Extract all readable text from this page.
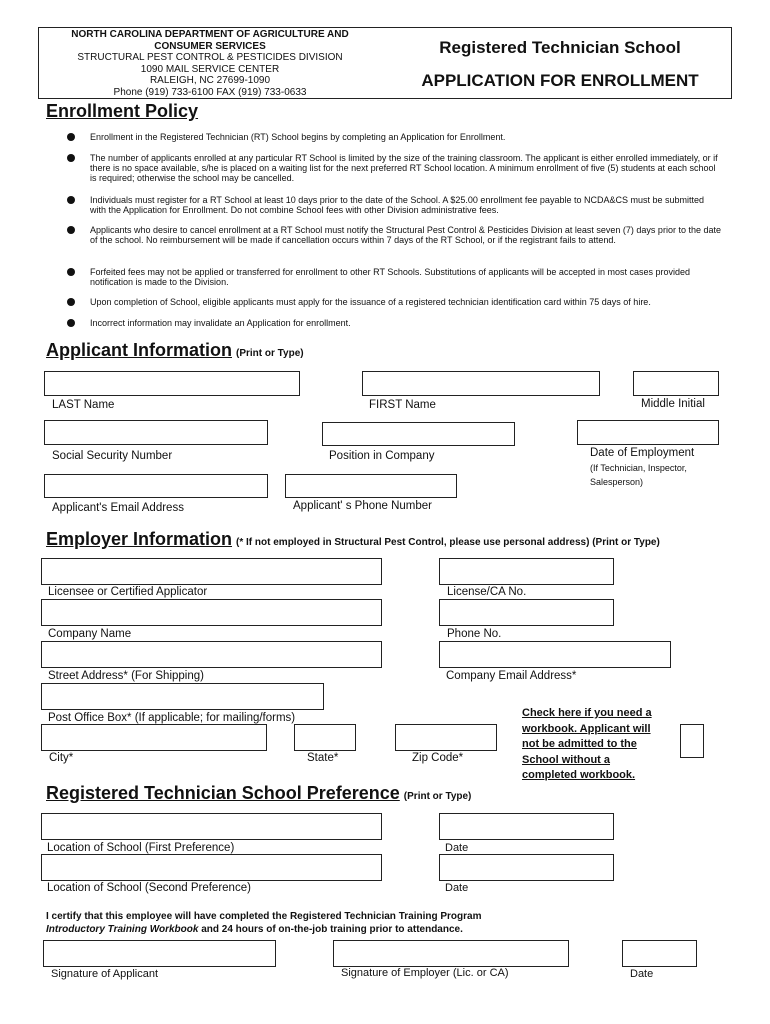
NORTH CAROLINA DEPARTMENT OF AGRICULTURE AND
CONSUMER SERVICES
STRUCTURAL PEST CONTROL & PESTICIDES DIVISION
1090 MAIL SERVICE CENTER
RALEIGH, NC 27699-1090
Phone (919) 733-6100 FAX (919) 733-0633
Registered Technician School
APPLICATION FOR ENROLLMENT
Enrollment Policy
Enrollment in the Registered Technician (RT) School begins by completing an Application for Enrollment.
The number of applicants enrolled at any particular RT School is limited by the size of the training classroom. The applicant is either enrolled immediately, or if there is no space available, s/he is placed on a waiting list for the next preferred RT School location. A minimum enrollment of five (5) students at each school is required; otherwise the school may be cancelled.
Individuals must register for a RT School at least 10 days prior to the date of the School. A $25.00 enrollment fee payable to NCDA&CS must be submitted with the Application for Enrollment. Do not combine School fees with other Division administrative fees.
Applicants who desire to cancel enrollment at a RT School must notify the Structural Pest Control & Pesticides Division at least seven (7) days prior to the date of the school. No reimbursement will be made if cancellation occurs within 7 days of the RT School, or if the registrant fails to attend.
Forfeited fees may not be applied or transferred for enrollment to other RT Schools. Substitutions of applicants will be accepted in most cases provided notification is made to the Division.
Upon completion of School, eligible applicants must apply for the issuance of a registered technician identification card within 75 days of hire.
Incorrect information may invalidate an Application for enrollment.
Applicant Information (Print or Type)
LAST Name	FIRST Name	Middle Initial
Social Security Number	Position in Company	Date of Employment
(If Technician, Inspector,
Salesperson)
Applicant's Email Address	Applicant' s Phone Number
Employer Information (* If not employed in Structural Pest Control, please use personal address) (Print or Type)
Licensee or Certified Applicator	License/CA No.
Company Name	Phone No.
Street Address* (For Shipping)	Company Email Address*
Post Office Box* (If applicable; for mailing/forms)
City*	State*	Zip Code*
Check here if you need a
workbook. Applicant will
not be admitted to the
School without a
completed workbook.
Registered Technician School Preference (Print or Type)
Location of School (First Preference)	Date
Location of School (Second Preference)	Date
I certify that this employee will have completed the Registered Technician Training Program
Introductory Training Workbook and 24 hours of on-the-job training prior to attendance.
Signature of Applicant	Signature of Employer (Lic. or CA)	Date
